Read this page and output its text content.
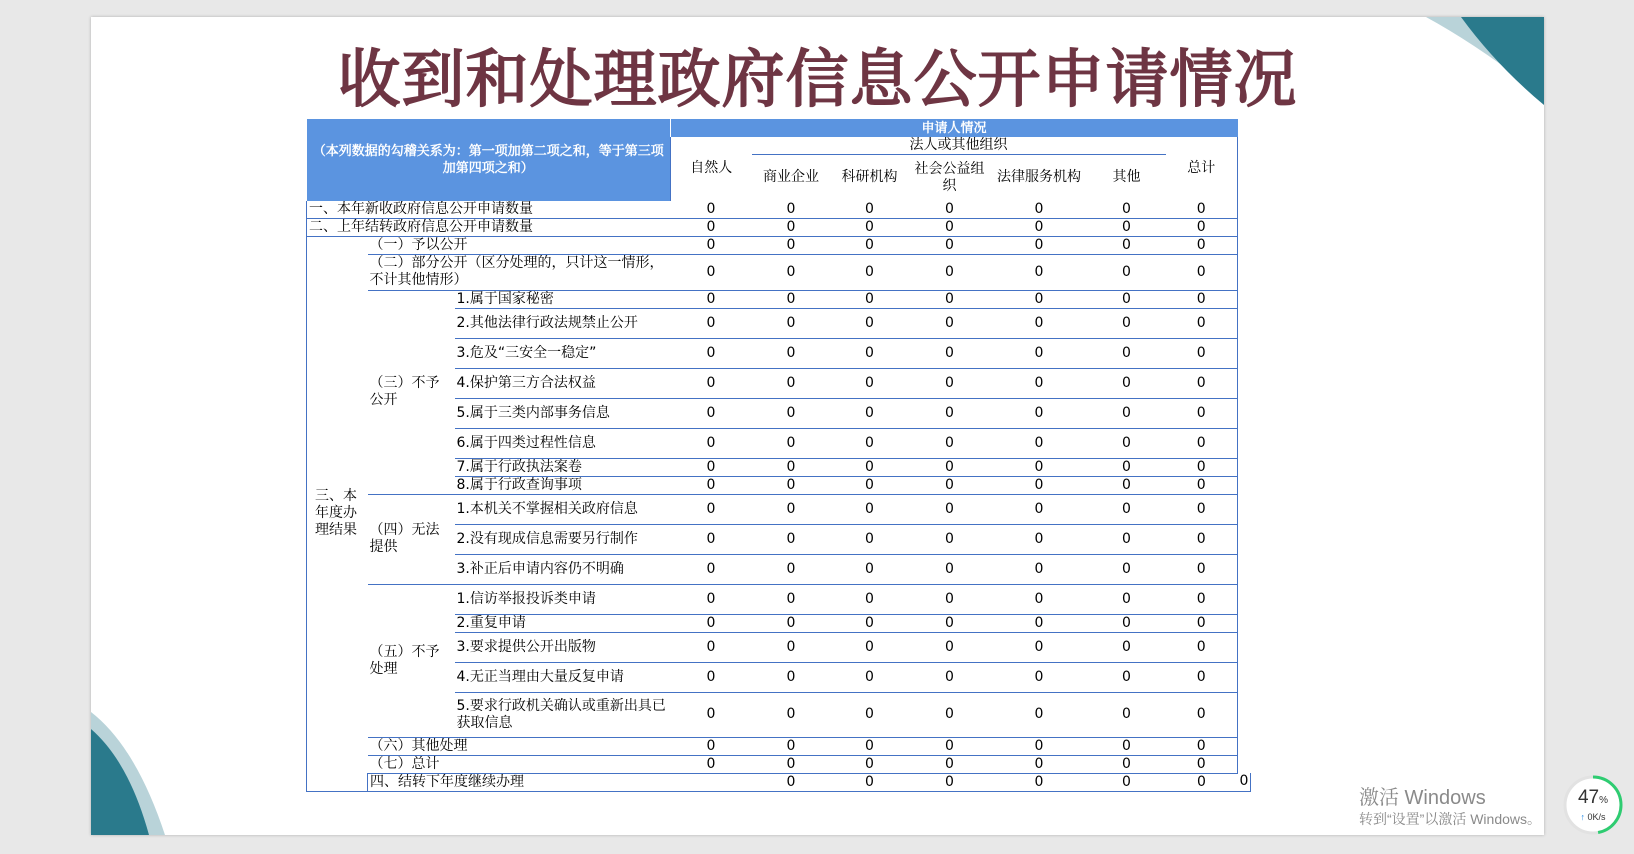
收到和处理政府信息公开申请情况
（本列数据的勾稽关系为：第一项加第二项之和，等于第三项加第四项之和）			申请人情况							
			自然人	法人或其他组织					总计	
				商业企业	科研机构	社会公益组织	法律服务机构	其他		
一、本年新收政府信息公开申请数量			0	0	0	0	0	0	0	
二、上年结转政府信息公开申请数量			0	0	0	0	0	0	0	
三、本年度办理结果	（一）予以公开		0	0	0	0	0	0	0	
	（二）部分公开（区分处理的，只计这一情形，不计其他情形）		0	0	0	0	0	0	0	
	（三）不予公开	1.属于国家秘密	0	0	0	0	0	0	0	
		2.其他法律行政法规禁止公开	0	0	0	0	0	0	0	
		3.危及“三安全一稳定”	0	0	0	0	0	0	0	
		4.保护第三方合法权益	0	0	0	0	0	0	0	
		5.属于三类内部事务信息	0	0	0	0	0	0	0	
		6.属于四类过程性信息	0	0	0	0	0	0	0	
		7.属于行政执法案卷	0	0	0	0	0	0	0	
		8.属于行政查询事项	0	0	0	0	0	0	0	
	（四）无法提供	1.本机关不掌握相关政府信息	0	0	0	0	0	0	0	
		2.没有现成信息需要另行制作	0	0	0	0	0	0	0	
		3.补正后申请内容仍不明确	0	0	0	0	0	0	0	
	（五）不予处理	1.信访举报投诉类申请	0	0	0	0	0	0	0	
		2.重复申请	0	0	0	0	0	0	0	
		3.要求提供公开出版物	0	0	0	0	0	0	0	
		4.无正当理由大量反复申请	0	0	0	0	0	0	0	
		5.要求行政机关确认或重新出具已获取信息	0	0	0	0	0	0	0	
	（六）其他处理		0	0	0	0	0	0	0	
	（七）总计		0	0	0	0	0	0	0	
	四、结转下年度继续办理			0	0	0	0	0	0	0
激活 Windows
转到“设置”以激活 Windows。
47%
↑ 0K/s
